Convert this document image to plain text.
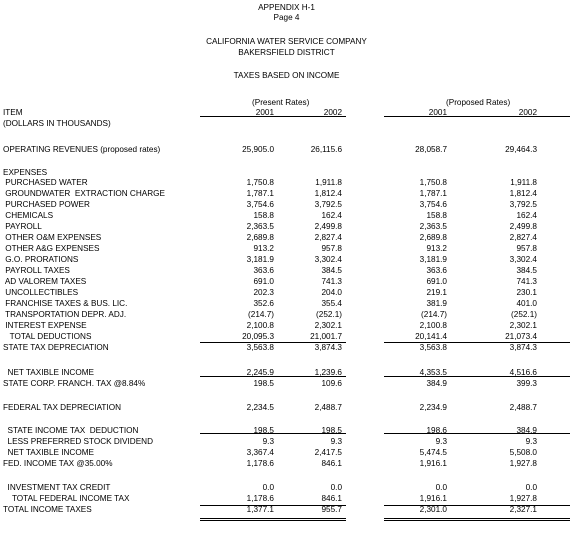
APPENDIX H-1
Page 4
CALIFORNIA WATER SERVICE COMPANY
BAKERSFIELD DISTRICT
TAXES BASED ON INCOME
(Present Rates)	(Proposed Rates)
ITEM	2001	2002	2001	2002
(DOLLARS IN THOUSANDS)
OPERATING REVENUES (proposed rates)	25,905.0	26,115.6	28,058.7	29,464.3
EXPENSES
PURCHASED WATER	1,750.8	1,911.8	1,750.8	1,911.8
GROUNDWATER  EXTRACTION CHARGE	1,787.1	1,812.4	1,787.1	1,812.4
PURCHASED POWER	3,754.6	3,792.5	3,754.6	3,792.5
CHEMICALS	158.8	162.4	158.8	162.4
PAYROLL	2,363.5	2,499.8	2,363.5	2,499.8
OTHER O&M EXPENSES	2,689.8	2,827.4	2,689.8	2,827.4
OTHER A&G EXPENSES	913.2	957.8	913.2	957.8
G.O. PRORATIONS	3,181.9	3,302.4	3,181.9	3,302.4
PAYROLL TAXES	363.6	384.5	363.6	384.5
AD VALOREM TAXES	691.0	741.3	691.0	741.3
UNCOLLECTIBLES	202.3	204.0	219.1	230.1
FRANCHISE TAXES & BUS. LIC.	352.6	355.4	381.9	401.0
TRANSPORTATION DEPR. ADJ.	(214.7)	(252.1)	(214.7)	(252.1)
INTEREST EXPENSE	2,100.8	2,302.1	2,100.8	2,302.1
TOTAL DEDUCTIONS	20,095.3	21,001.7	20,141.4	21,073.4
STATE TAX DEPRECIATION	3,563.8	3,874.3	3,563.8	3,874.3
NET TAXIBLE INCOME	2,245.9	1,239.6	4,353.5	4,516.6
STATE CORP. FRANCH. TAX @8.84%	198.5	109.6	384.9	399.3
FEDERAL TAX DEPRECIATION	2,234.5	2,488.7	2,234.9	2,488.7
STATE INCOME TAX  DEDUCTION	198.5	198.5	198.6	384.9
LESS PREFERRED STOCK DIVIDEND	9.3	9.3	9.3	9.3
NET TAXIBLE INCOME	3,367.4	2,417.5	5,474.5	5,508.0
FED. INCOME TAX @35.00%	1,178.6	846.1	1,916.1	1,927.8
INVESTMENT TAX CREDIT	0.0	0.0	0.0	0.0
TOTAL FEDERAL INCOME TAX	1,178.6	846.1	1,916.1	1,927.8
TOTAL INCOME TAXES	1,377.1	955.7	2,301.0	2,327.1
